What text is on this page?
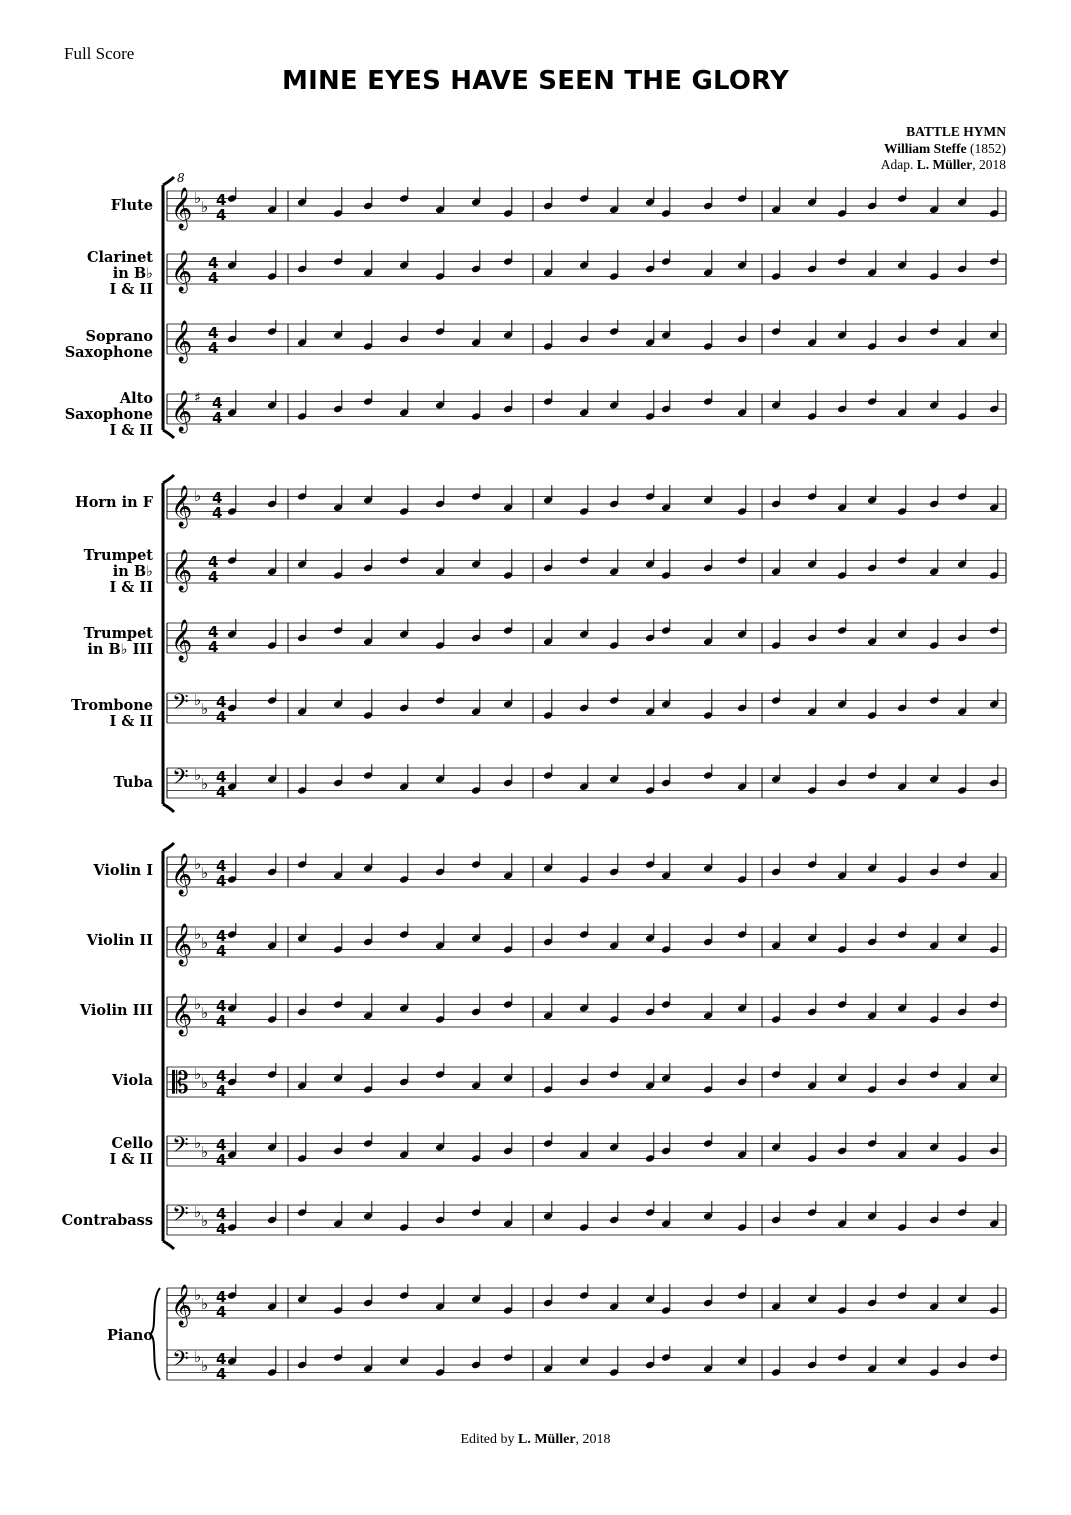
Full Score
MINE EYES HAVE SEEN THE GLORY
BATTLE HYMN
William Steffe (1852)
Adap. L. Müller, 2018
Flute
Clarinet
in B♭
I & II
Soprano
Saxophone
Alto
Saxophone
I & II
Horn in F
Trumpet
in B♭
I & II
Trumpet
in B♭ III
Trombone
I & II
Tuba
Violin I
Violin II
Violin III
Viola
Cello
I & II
Contrabass
Piano
8
𝄞 ♭ ♭ 4
4
𝄞 4
4
𝄞 4
4
𝄞 ♯ 4
4
𝄞 ♭ 4
4
𝄞 4
4
𝄞 4
4
𝄢 ♭ ♭ 4
4
𝄢 ♭ ♭ 4
4
𝄞 ♭ ♭ 4
4
𝄞 ♭ ♭ 4
4
𝄞 ♭ ♭ 4
4
𝄡 ♭ ♭ 4
4
𝄢 ♭ ♭ 4
4
𝄢 ♭ ♭ 4
4
𝄞 ♭ ♭ 4
4
𝄢 ♭ ♭ 4
4
Edited by L. Müller, 2018
